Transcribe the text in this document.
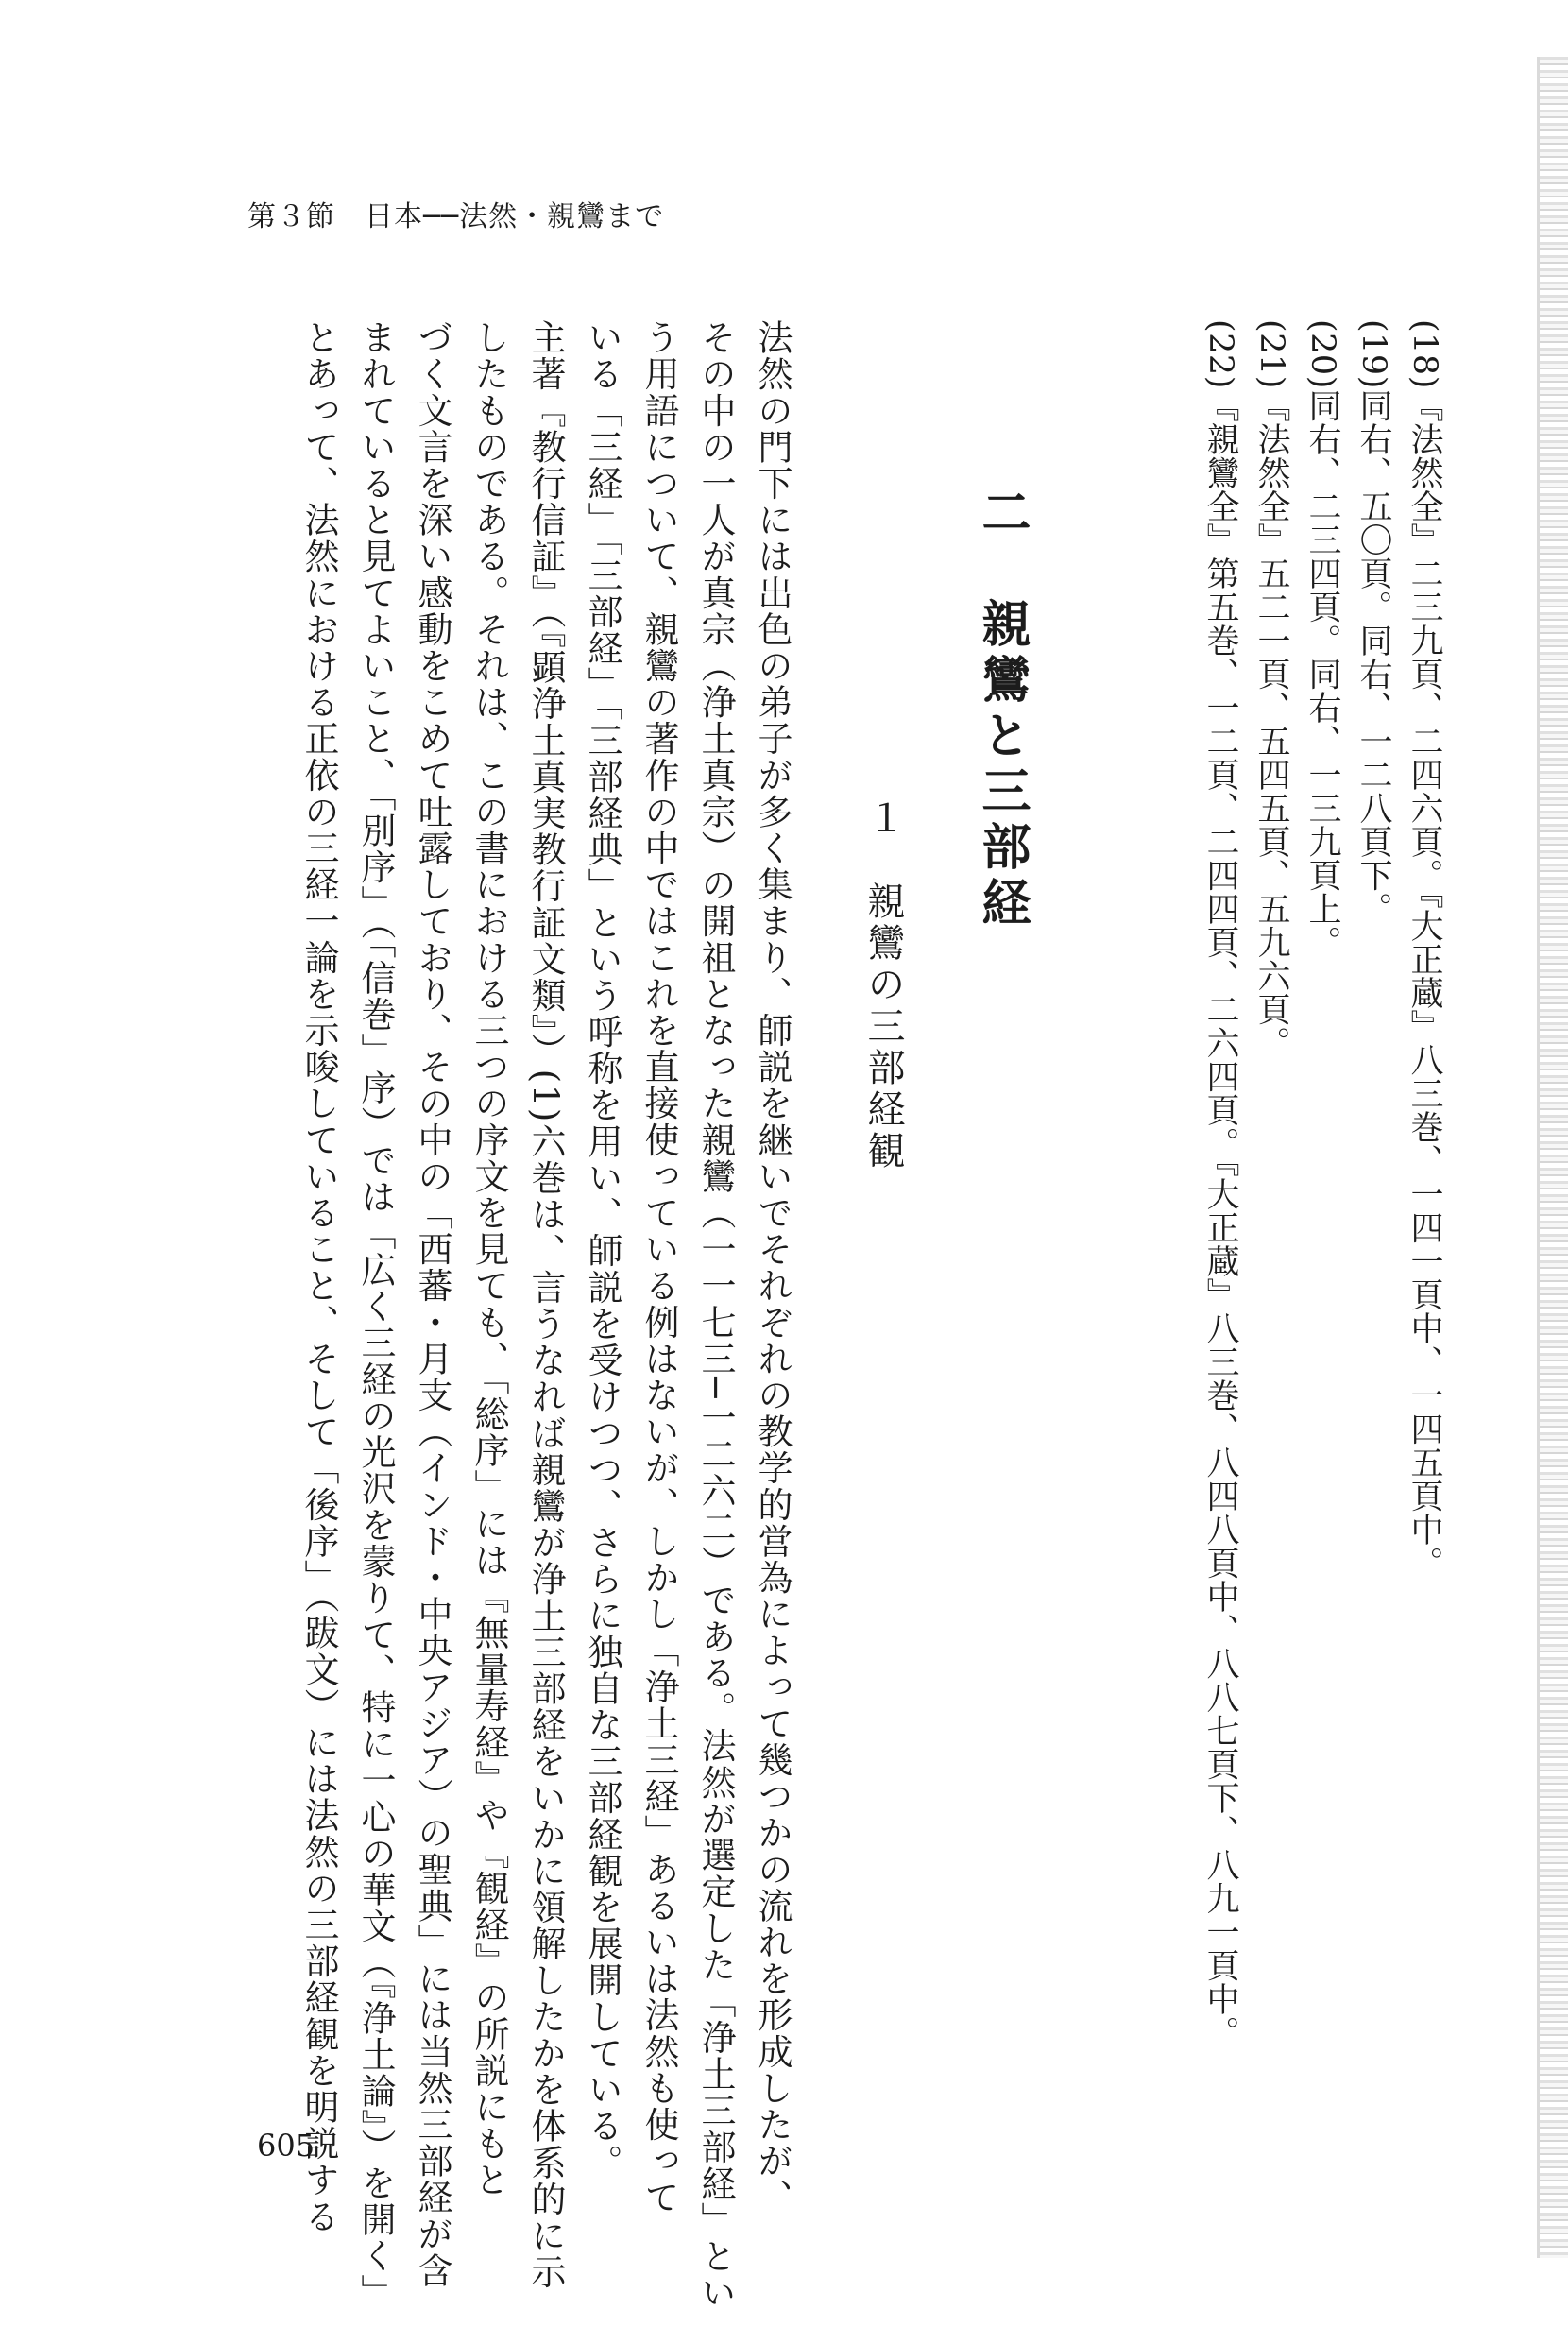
第３節　日本──法然・親鸞まで
(18)『法然全』二三九頁、二四六頁。『大正蔵』八三巻、一四一頁中、一四五頁中。
(19)同右、五〇頁。同右、一二八頁下。
(20)同右、二三四頁。同右、一三九頁上。
(21)『法然全』五二一頁、五四五頁、五九六頁。
(22)『親鸞全』第五巻、一二頁、二四四頁、二六四頁。『大正蔵』八三巻、八四八頁中、八八七頁下、八九一頁中。
二　親鸞と三部経
１　親鸞の三部経観
法然の門下には出色の弟子が多く集まり、師説を継いでそれぞれの教学的営為によって幾つかの流れを形成したが、
その中の一人が真宗（浄土真宗）の開祖となった親鸞（一一七三─一二六二）である。法然が選定した「浄土三部経」とい
う用語について、親鸞の著作の中ではこれを直接使っている例はないが、しかし「浄土三経」あるいは法然も使って
いる「三経」「三部経」「三部経典」という呼称を用い、師説を受けつつ、さらに独自な三部経観を展開している。
主著『教行信証』（『顕浄土真実教行証文類』）(1)六巻は、言うなれば親鸞が浄土三部経をいかに領解したかを体系的に示
したものである。それは、この書における三つの序文を見ても、「総序」には『無量寿経』や『観経』の所説にもと
づく文言を深い感動をこめて吐露しており、その中の「西蕃・月支（インド・中央アジア）の聖典」には当然三部経が含
まれていると見てよいこと、「別序」（「信巻」序）では「広く三経の光沢を蒙りて、特に一心の華文（『浄土論』）を開く」
とあって、法然における正依の三経一論を示唆していること、そして「後序」（跋文）には法然の三部経観を明説する
605
